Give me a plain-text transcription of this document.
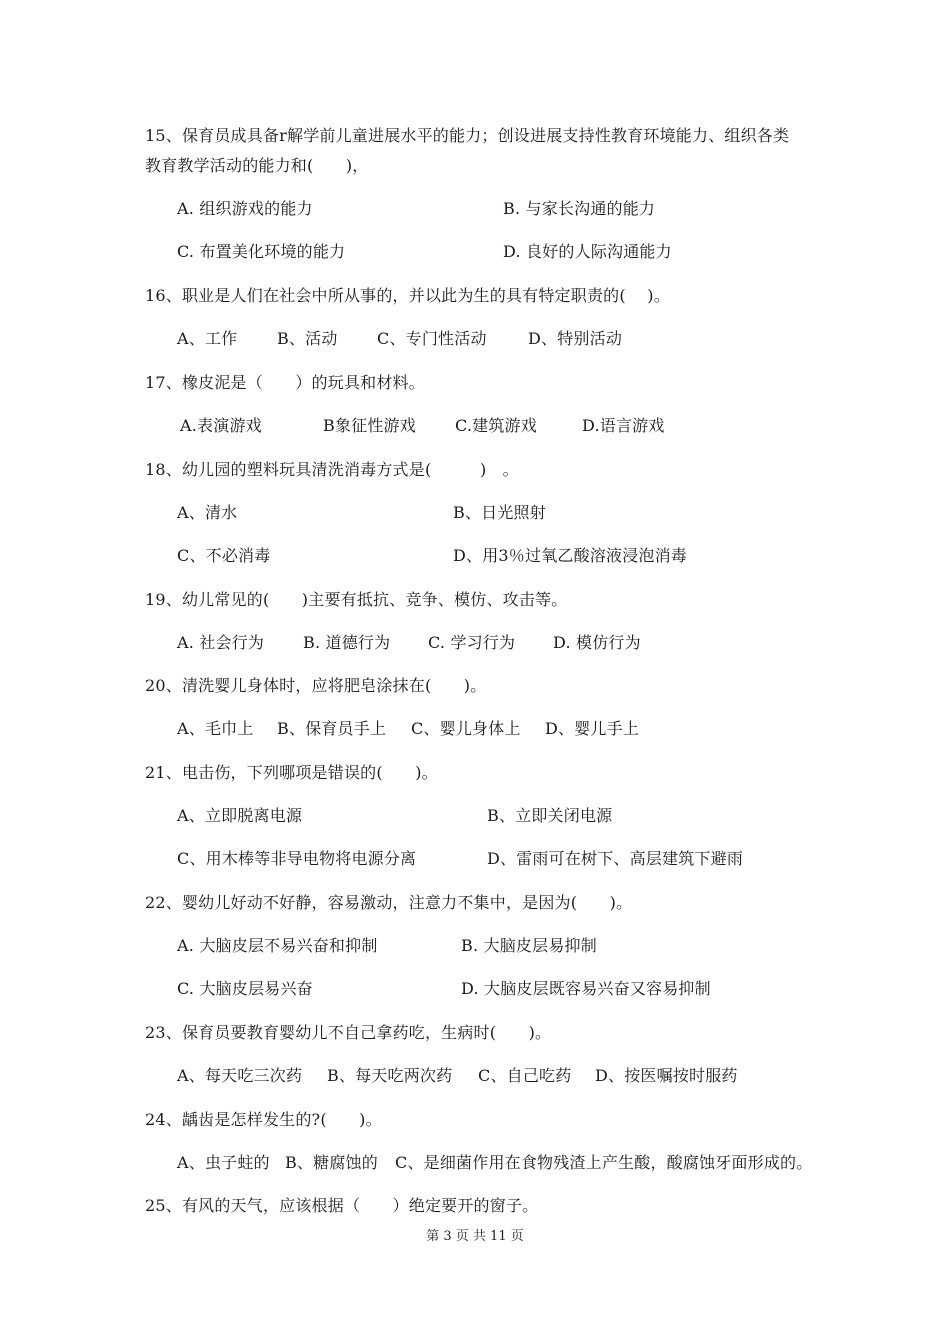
15、保育员成具备r解学前儿童进展水平的能力；创设进展支持性教育环境能力、组织各类
教育教学活动的能力和(　　)，
A. 组织游戏的能力	B. 与家长沟通的能力
C. 布置美化环境的能力	D. 良好的人际沟通能力
16、职业是人们在社会中所从事的，并以此为生的具有特定职责的(　 )。
A、工作 B、活动 C、专门性活动	D、特别活动
17、橡皮泥是（　　）的玩具和材料。
A.表演游戏	B象征性游戏 C.建筑游戏	D.语言游戏
18、幼儿园的塑料玩具清洗消毒方式是(　　　)　。
A、清水	B、日光照射
C、不必消毒	D、用3％过氧乙酸溶液浸泡消毒
19、幼儿常见的(　　)主要有抵抗、竞争、模仿、攻击等。
A. 社会行为 B. 道德行为 C. 学习行为 D. 模仿行为
20、清洗婴儿身体时，应将肥皂涂抹在(　　)。
A、毛巾上 B、保育员手上 C、婴儿身体上 D、婴儿手上
21、电击伤，下列哪项是错误的(　　)。
A、立即脱离电源	B、立即关闭电源
C、用木棒等非导电物将电源分离	D、雷雨可在树下、高层建筑下避雨
22、婴幼儿好动不好静，容易激动，注意力不集中，是因为(　　)。
A. 大脑皮层不易兴奋和抑制	B. 大脑皮层易抑制
C. 大脑皮层易兴奋	D. 大脑皮层既容易兴奋又容易抑制
23、保育员要教育婴幼儿不自己拿药吃，生病时(　　)。
A、每天吃三次药 B、每天吃两次药 C、自己吃药 D、按医嘱按时服药
24、龋齿是怎样发生的?(　　)。
A、虫子蛀的 B、糖腐蚀的 C、是细菌作用在食物残渣上产生酸，酸腐蚀牙面形成的。
25、有风的天气，应该根据（　　）绝定要开的窗子。
第 3 页 共 11 页
